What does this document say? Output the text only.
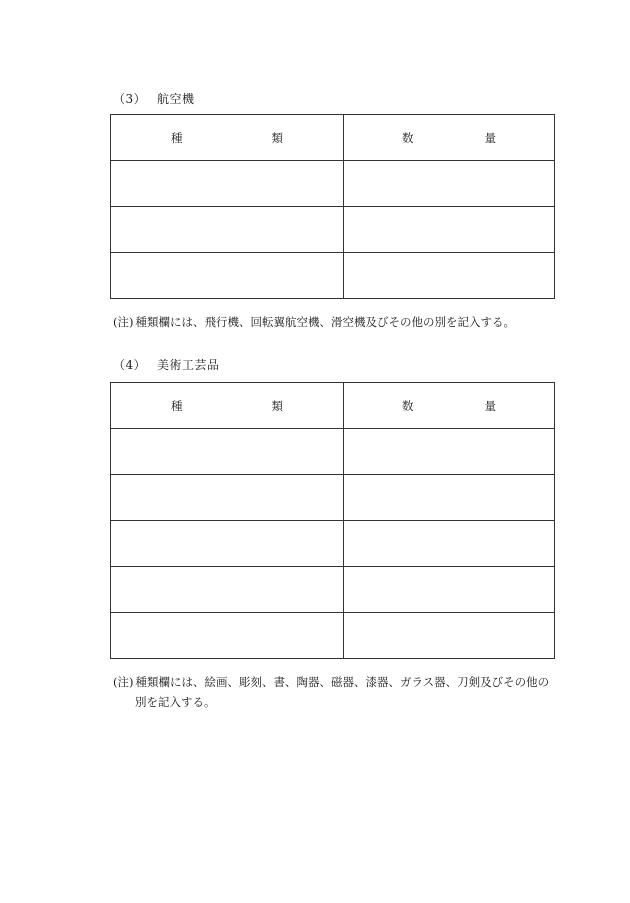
（3） 航空機
種 類	数 量

(注) 種類欄には、飛行機、回転翼航空機、滑空機及びその他の別を記入する。
（4） 美術工芸品
種 類	数 量

(注) 種類欄には、絵画、彫刻、書、陶器、磁器、漆器、ガラス器、刀剣及びその他の
別を記入する。
